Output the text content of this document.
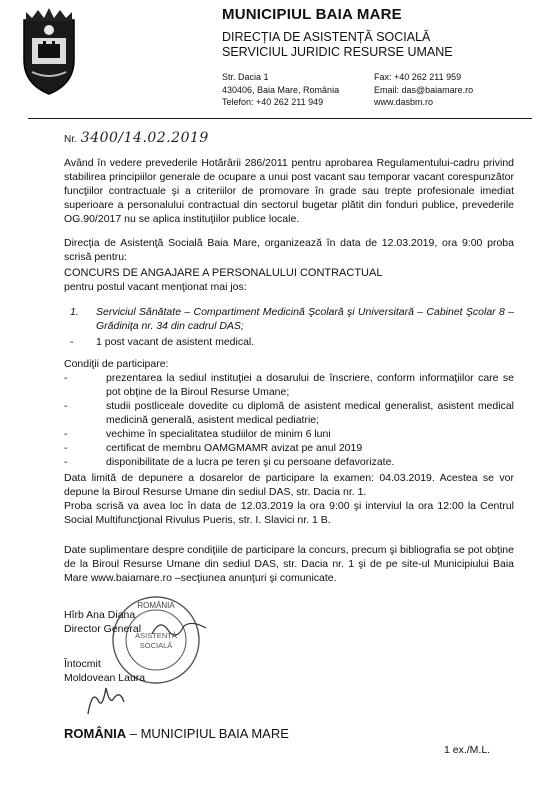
MUNICIPIUL BAIA MARE
DIRECȚIA DE ASISTENȚĂ SOCIALĂ
SERVICIUL JURIDIC RESURSE UMANE
Str. Dacia 1
430406, Baia Mare, România
Telefon: +40 262 211 949
Fax: +40 262 211 959
Email: das@baiamare.ro
www.dasbm.ro
Nr. 3400/14.02.2019
Având în vedere prevederile Hotărârii 286/2011 pentru aprobarea Regulamentului-cadru privind stabilirea principiilor generale de ocupare a unui post vacant sau temporar vacant corespunzător funcţiilor contractuale şi a criteriilor de promovare în grade sau trepte profesionale imediat superioare a personalului contractual din sectorul bugetar plătit din fonduri publice, prevederile OG.90/2017 nu se aplica instituţiilor publice locale.
Direcţia de Asistenţă Socială Baia Mare, organizează în data de 12.03.2019, ora 9:00 proba scrisă pentru:
CONCURS DE ANGAJARE A PERSONALULUI CONTRACTUAL
pentru postul vacant menţionat mai jos:
1. Serviciul Sănătate – Compartiment Medicină Şcolară şi Universitară – Cabinet Şcolar 8 – Grădiniţa nr. 34 din cadrul DAS;
- 1 post vacant de asistent medical.
Condiţii de participare:
-	prezentarea la sediul instituţiei a dosarului de înscriere, conform informaţiilor care se pot obţine de la Biroul Resurse Umane;
-	studii postliceale dovedite cu diplomă de asistent medical generalist, asistent medical medicină generală, asistent medical pediatrie;
-	vechime în specialitatea studiilor de minim 6 luni
-	certificat de membru OAMGMAMR avizat pe anul 2019
-	disponibilitate de a lucra pe teren şi cu persoane defavorizate.
Data limită de depunere a dosarelor de participare la examen: 04.03.2019. Acestea se vor depune la Biroul Resurse Umane din sediul DAS, str. Dacia nr. 1.
Proba scrisă va avea loc în data de 12.03.2019 la ora 9:00 şi interviul la ora 12:00 la Centrul Social Multifuncţional Rivulus Pueris, str. I. Slavici nr. 1 B.
Date suplimentare despre condiţiile de participare la concurs, precum şi bibliografia se pot obţine de la Biroul Resurse Umane din sediul DAS, str. Dacia nr. 1 şi de pe site-ul Municipiului Baia Mare www.baiamare.ro –secţiunea anunţuri şi comunicate.
ROMÂNIA
ASISTENȚĂ
SOCIALĂ
Hîrb Ana Diana
Director General
Întocmit
Moldovean Laura
ROMÂNIA – MUNICIPIUL BAIA MARE
1 ex./M.L.
